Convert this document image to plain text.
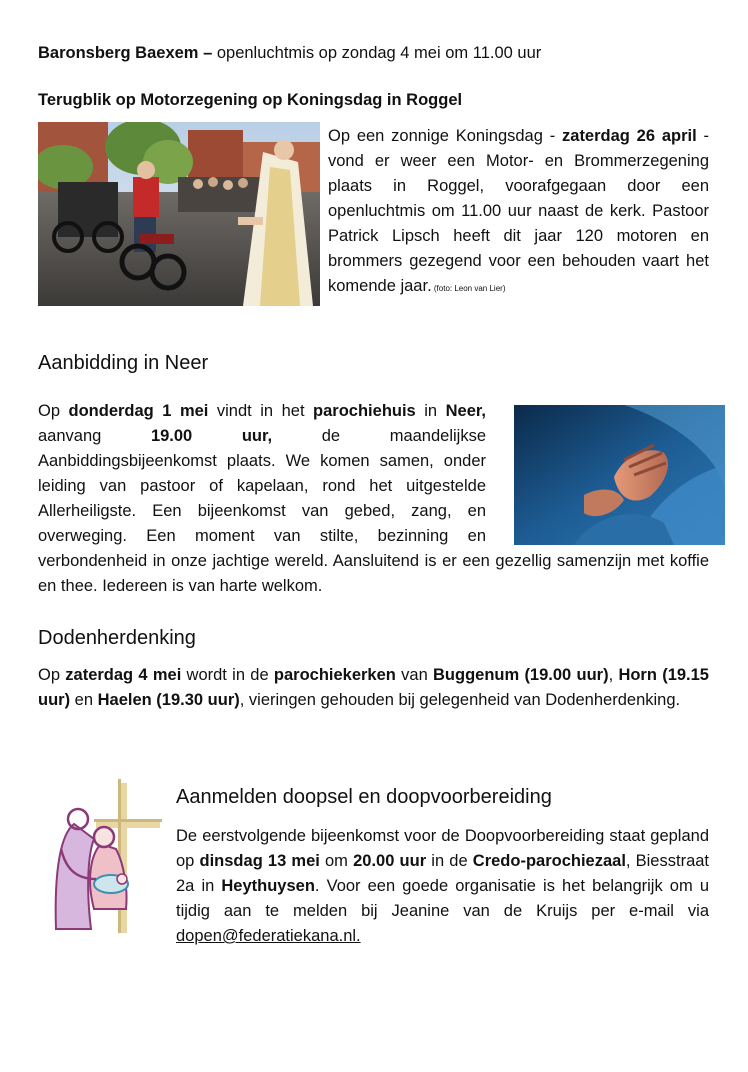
Baronsberg Baexem – openluchtmis op zondag 4 mei om 11.00 uur

Terugblik op Motorzegening op Koningsdag in Roggel

Op een zonnige Koningsdag - zaterdag 26 april - vond er weer een Motor- en Brommerzegening plaats in Roggel, voorafgegaan door een openluchtmis om 11.00 uur naast de kerk. Pastoor Patrick Lipsch heeft dit jaar 120 motoren en brommers gezegend voor een behouden vaart het komende jaar. (foto: Leon van Lier)

Aanbidding in Neer

Op donderdag 1 mei vindt in het parochiehuis in Neer, aanvang 19.00 uur, de maandelijkse Aanbiddingsbijeenkomst plaats. We komen samen, onder leiding van pastoor of kapelaan, rond het uitgestelde Allerheiligste. Een bijeenkomst van gebed, zang, en overweging. Een moment van stilte, bezinning en verbondenheid in onze jachtige wereld. Aansluitend is er een gezellig samenzijn met koffie en thee. Iedereen is van harte welkom.

Dodenherdenking

Op zaterdag 4 mei wordt in de parochiekerken van Buggenum (19.00 uur), Horn (19.15 uur) en Haelen (19.30 uur), vieringen gehouden bij gelegenheid van Dodenherdenking.

Aanmelden doopsel en doopvoorbereiding

De eerstvolgende bijeenkomst voor de Doopvoorbereiding staat gepland op dinsdag 13 mei om 20.00 uur in de Credo-parochiezaal, Biesstraat 2a in Heythuysen. Voor een goede organisatie is het belangrijk om u tijdig aan te melden bij Jeanine van de Kruijs per e-mail via dopen@federatiekana.nl.
